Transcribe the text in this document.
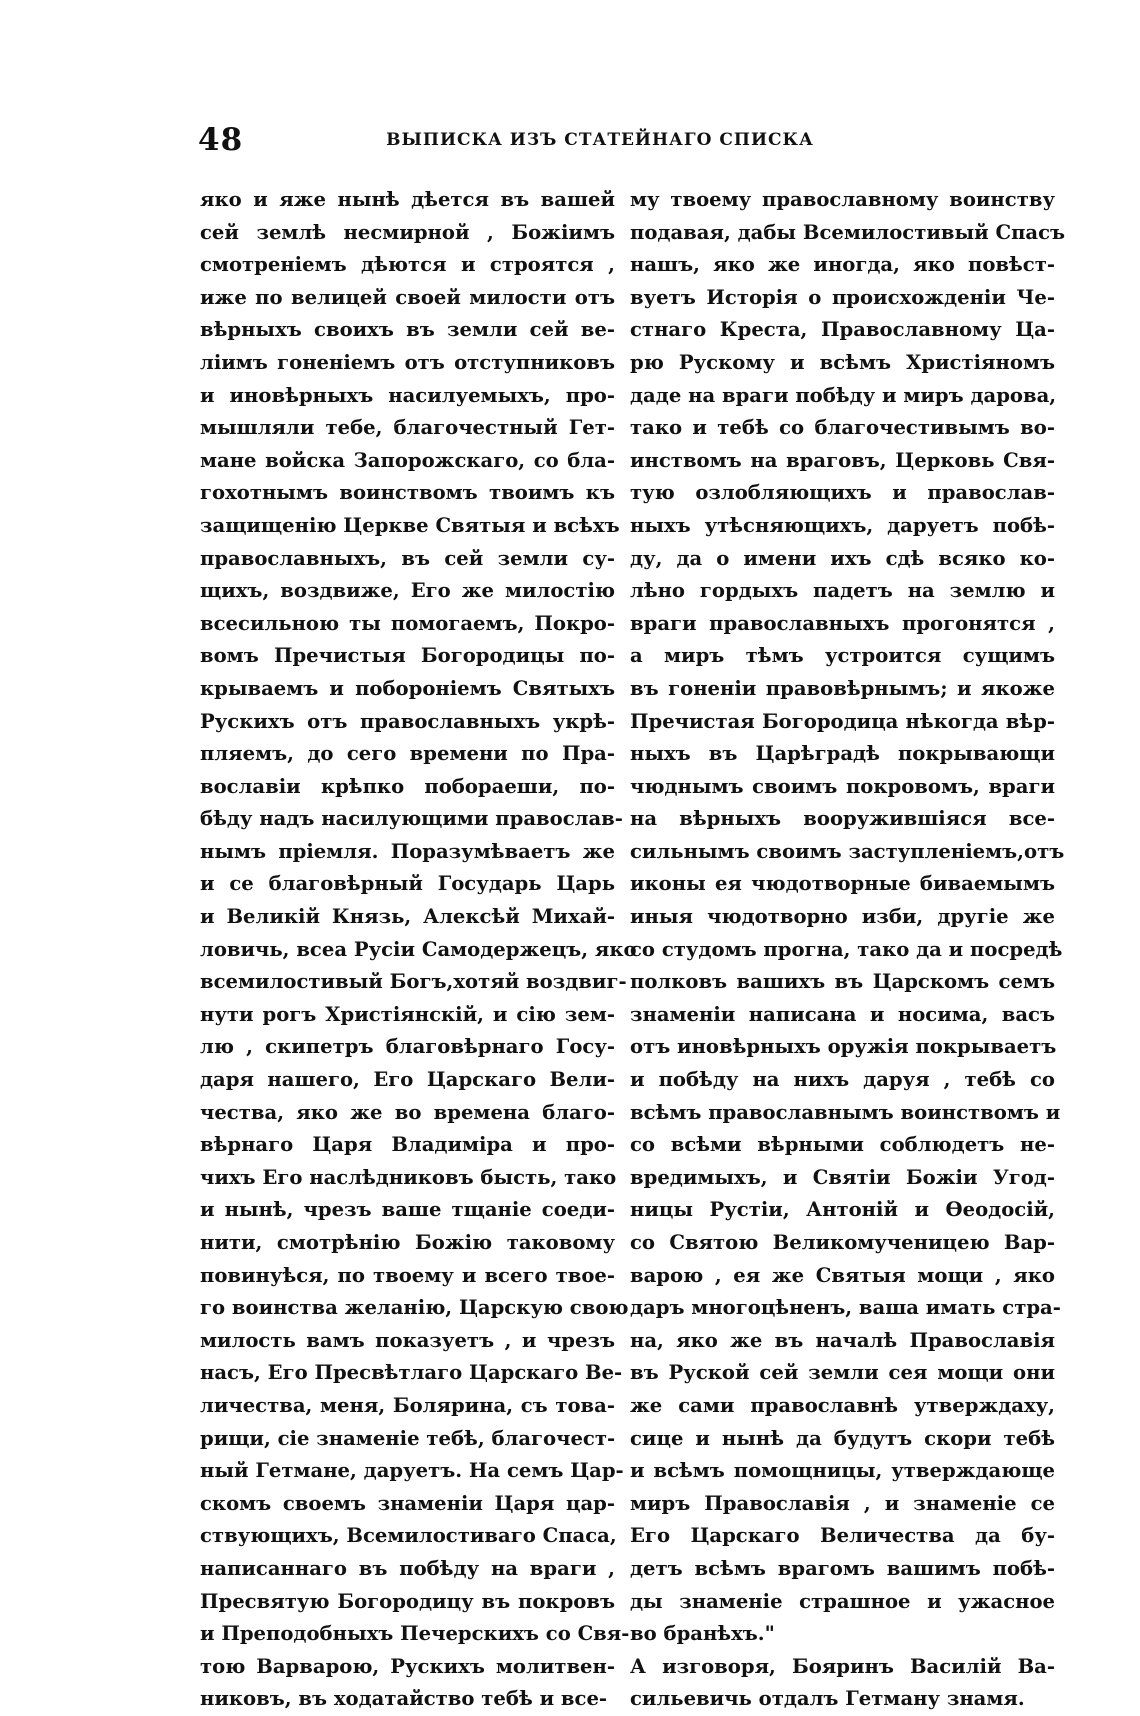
48	ВЫПИСКА ИЗЪ СТАТЕЙНАГО СПИСКА
яко и яже нынѣ дѣется въ вашей
сей землѣ несмирной , Божіимъ
смотреніемъ дѣются и строятся ,
иже по велицей своей милости отъ
вѣрныхъ своихъ въ земли сей ве-
ліимъ гоненіемъ отъ отступниковъ
и иновѣрныхъ насилуемыхъ, про-
мышляли тебе, благочестный Гет-
мане войска Запорожскаго, со бла-
гохотнымъ воинствомъ твоимъ къ
защищенію Церкве Святыя и всѣхъ
православныхъ, въ сей земли су-
щихъ, воздвиже, Его же милостію
всесильною ты помогаемъ, Покро-
вомъ Пречистыя Богородицы по-
крываемъ и побороніемъ Святыхъ
Рускихъ отъ православныхъ укрѣ-
пляемъ, до сего времени по Пра-
вославіи крѣпко побораеши, по-
бѣду надъ насилующими православ-
нымъ пріемля. Поразумѣваетъ же
и се благовѣрный Государь Царь
и Великій Князь, Алексѣй Михай-
ловичь, всеа Русіи Самодержецъ, яко
всемилостивый Богъ,хотяй воздвиг-
нути рогъ Христіянскій, и сію зем-
лю , скипетръ благовѣрнаго Госу-
даря нашего, Его Царскаго Вели-
чества, яко же во времена благо-
вѣрнаго Царя Владиміра и про-
чихъ Его наслѣдниковъ бысть, тако
и нынѣ, чрезъ ваше тщаніе соеди-
нити, смотрѣнію Божію таковому
повинуѣся, по твоему и всего твое-
го воинства желанію, Царскую свою
милость вамъ показуетъ , и чрезъ
насъ, Его Пресвѣтлаго Царскаго Ве-
личества, меня, Болярина, съ това-
рищи, сіе знаменіе тебѣ, благочест-
ный Гетмане, даруетъ. На семъ Цар-
скомъ своемъ знаменіи Царя цар-
ствующихъ, Всемилостиваго Спаса,
написаннаго въ побѣду на враги ,
Пресвятую Богородицу въ покровъ
и Преподобныхъ Печерскихъ со Свя-
тою Варварою, Рускихъ молитвен-
никовъ, въ ходатайство тебѣ и все-
му твоему православному воинству
подавая, дабы Всемилостивый Спасъ
нашъ, яко же иногда, яко повѣст-
вуетъ Исторія о происхожденіи Че-
стнаго Креста, Православному Ца-
рю Рускому и всѣмъ Христіяномъ
даде на враги побѣду и миръ дарова,
тако и тебѣ со благочестивымъ во-
инствомъ на враговъ, Церковь Свя-
тую озлобляющихъ и православ-
ныхъ утѣсняющихъ, даруетъ побѣ-
ду, да о имени ихъ сдѣ всяко ко-
лѣно гордыхъ падетъ на землю и
враги православныхъ прогонятся ,
а миръ тѣмъ устроится сущимъ
въ гоненіи правовѣрнымъ; и якоже
Пречистая Богородица нѣкогда вѣр-
ныхъ въ Царѣградѣ покрывающи
чюднымъ своимъ покровомъ, враги
на вѣрныхъ вооружившіяся все-
сильнымъ своимъ заступленіемъ,отъ
иконы ея чюдотворные биваемымъ
иныя чюдотворно изби, другіе же
со студомъ прогна, тако да и посредѣ
полковъ вашихъ въ Царскомъ семъ
знаменіи написана и носима, васъ
отъ иновѣрныхъ оружія покрываетъ
и побѣду на нихъ даруя , тебѣ со
всѣмъ православнымъ воинствомъ и
со всѣми вѣрными соблюдетъ не-
вредимыхъ, и Святіи Божіи Угод-
ницы Рустіи, Антоній и Ѳеодосій,
со Святою Великомученицею Вар-
варою , ея же Святыя мощи , яко
даръ многоцѣненъ, ваша имать стра-
на, яко же въ началѣ Православія
въ Руской сей земли сея мощи они
же сами православнѣ утверждаху,
сице и нынѣ да будутъ скори тебѣ
и всѣмъ помощницы, утверждающе
миръ Православія , и знаменіе се
Его Царскаго Величества да бу-
детъ всѣмъ врагомъ вашимъ побѣ-
ды знаменіе страшное и ужасное
во бранѣхъ."
А изговоря, Бояринъ Василій Ва-
сильевичь отдалъ Гетману знамя.
